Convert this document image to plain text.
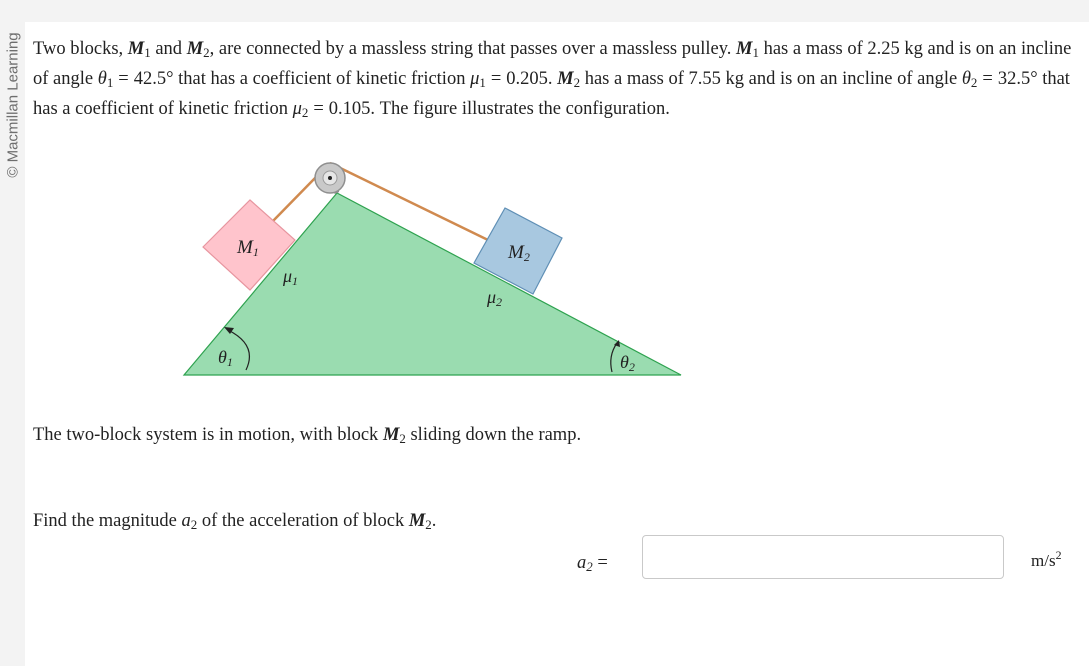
© Macmillan Learning Two blocks, $M_1$ and $M_2$, are connected by a massless string that passes over a massless pulley. $M_1$ has a mass of 2.25 kg and is on an incline of angle $\theta_1 = 42.5^\circ$ that has a coefficient of kinetic friction $\mu_1 = 0.205$. $M_2$ has a mass of 7.55 kg and is on an incline of angle $\theta_2 = 32.5^\circ$ that has a coefficient of kinetic friction $\mu_2 = 0.105$. The figure illustrates the configuration.
M1	M2
μ1
μ2
θ1	θ2
The two-block system is in motion, with block $M_2$ sliding down the ramp.
Find the magnitude $a_2$ of the acceleration of block $M_2$.
$a_2$ =	$m/s^2$
